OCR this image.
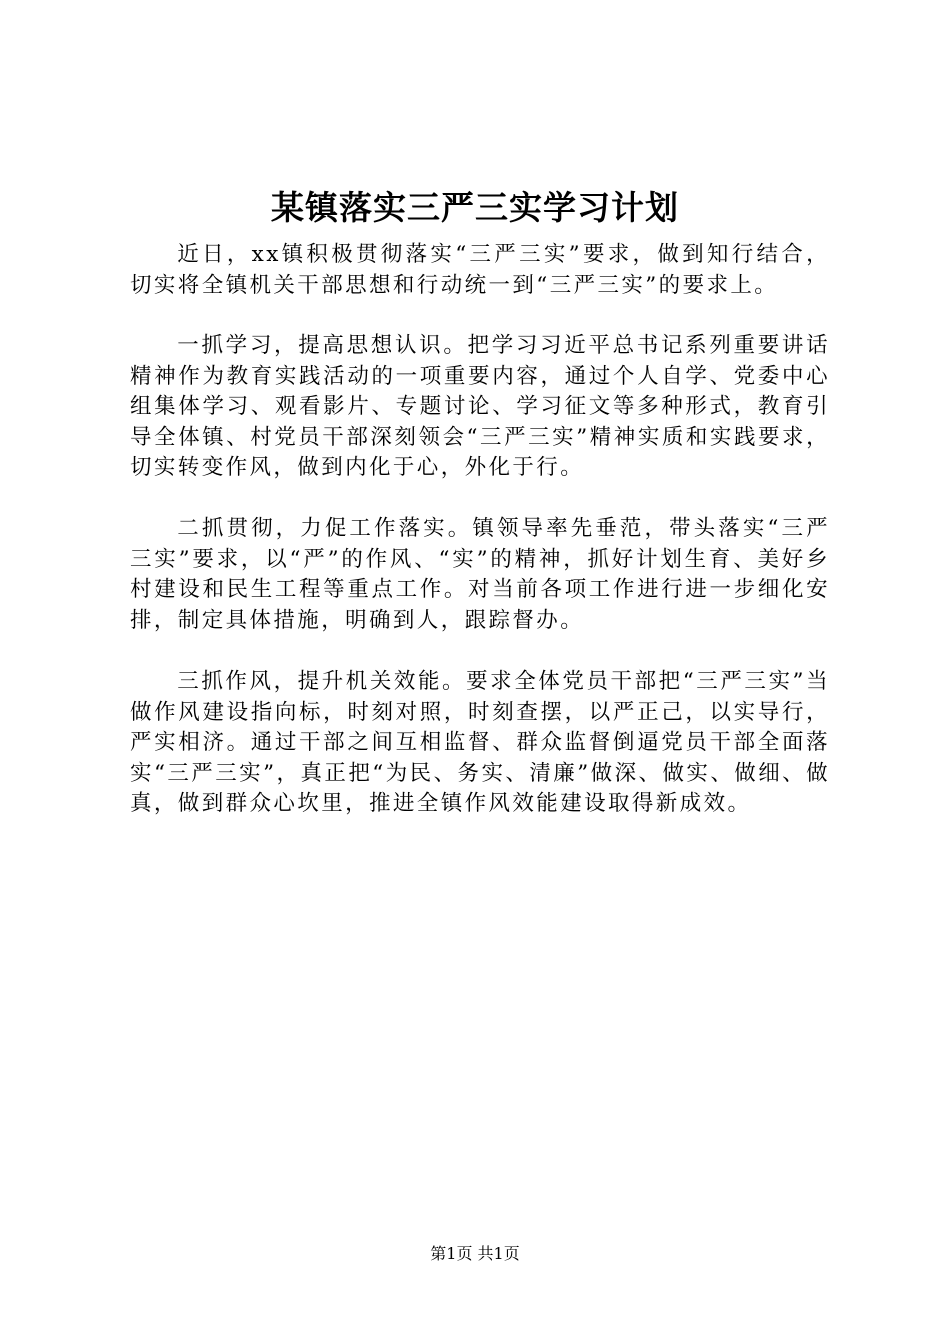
某镇落实三严三实学习计划

近日，xx镇积极贯彻落实“三严三实”要求，做到知行结合，切实将全镇机关干部思想和行动统一到“三严三实”的要求上。

一抓学习，提高思想认识。把学习习近平总书记系列重要讲话精神作为教育实践活动的一项重要内容，通过个人自学、党委中心组集体学习、观看影片、专题讨论、学习征文等多种形式，教育引导全体镇、村党员干部深刻领会“三严三实”精神实质和实践要求，切实转变作风，做到内化于心，外化于行。

二抓贯彻，力促工作落实。镇领导率先垂范，带头落实“三严三实”要求，以“严”的作风、“实”的精神，抓好计划生育、美好乡村建设和民生工程等重点工作。对当前各项工作进行进一步细化安排，制定具体措施，明确到人，跟踪督办。

三抓作风，提升机关效能。要求全体党员干部把“三严三实”当做作风建设指向标，时刻对照，时刻查摆，以严正己，以实导行，严实相济。通过干部之间互相监督、群众监督倒逼党员干部全面落实“三严三实”，真正把“为民、务实、清廉”做深、做实、做细、做真，做到群众心坎里，推进全镇作风效能建设取得新成效。

第1页 共1页
